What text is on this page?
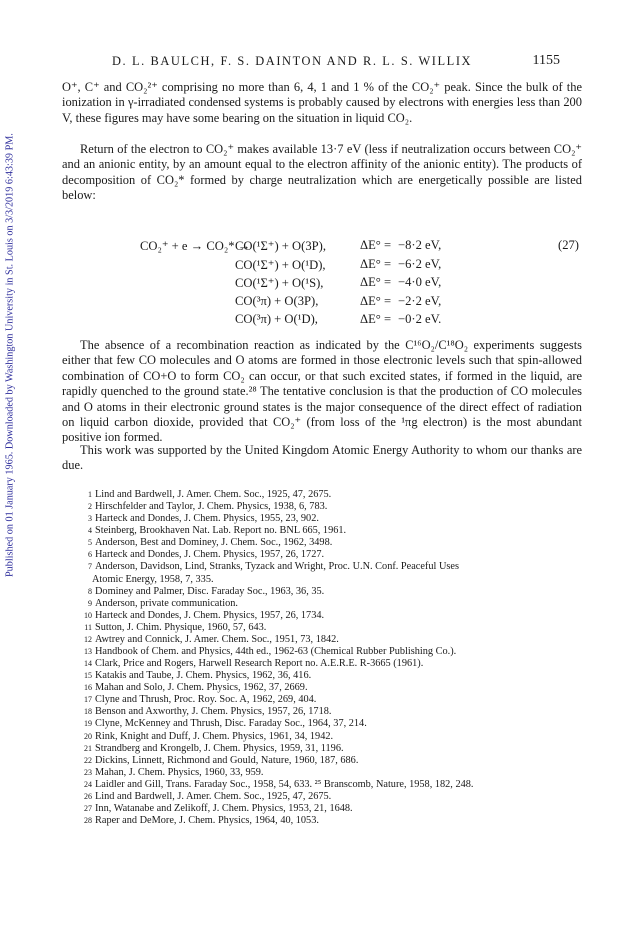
Published on 01 January 1965. Downloaded by Washington University in St. Louis on 3/3/2019 6:43:39 PM.
D. L. BAULCH, F. S. DAINTON AND R. L. S. WILLIX	1155

O⁺, C⁺ and CO₂²⁺ comprising no more than 6, 4, 1 and 1 % of the CO₂⁺ peak. Since the bulk of the ionization in γ-irradiated condensed systems is probably caused by electrons with energies less than 200 V, these figures may have some bearing on the situation in liquid CO₂.

Return of the electron to CO₂⁺ makes available 13·7 eV (less if neutralization occurs between CO₂⁺ and an anionic entity, by an amount equal to the electron affinity of the anionic entity). The products of decomposition of CO₂* formed by charge neutralization which are energetically possible are listed below:

CO₂⁺ + e → CO₂* →
CO(¹Σ⁺) + O(3P),	ΔE° = −8·2 eV,	(27)
CO(¹Σ⁺) + O(¹D),	ΔE° = −6·2 eV,
CO(¹Σ⁺) + O(¹S),	ΔE° = −4·0 eV,
CO(³π) + O(3P),	ΔE° = −2·2 eV,
CO(³π) + O(¹D),	ΔE° = −0·2 eV.

The absence of a recombination reaction as indicated by the C¹⁶O₂/C¹⁸O₂ experiments suggests either that few CO molecules and O atoms are formed in those electronic levels such that spin-allowed combination of CO+O to form CO₂ can occur, or that such excited states, if formed in the liquid, are rapidly quenched to the ground state.²⁸ The tentative conclusion is that the production of CO molecules and O atoms in their electronic ground states is the major consequence of the direct effect of radiation on liquid carbon dioxide, provided that CO₂⁺ (from loss of the ¹πg electron) is the most abundant positive ion formed.

This work was supported by the United Kingdom Atomic Energy Authority to whom our thanks are due.

1 Lind and Bardwell, J. Amer. Chem. Soc., 1925, 47, 2675.
2 Hirschfelder and Taylor, J. Chem. Physics, 1938, 6, 783.
3 Harteck and Dondes, J. Chem. Physics, 1955, 23, 902.
4 Steinberg, Brookhaven Nat. Lab. Report no. BNL 665, 1961.
5 Anderson, Best and Dominey, J. Chem. Soc., 1962, 3498.
6 Harteck and Dondes, J. Chem. Physics, 1957, 26, 1727.
7 Anderson, Davidson, Lind, Stranks, Tyzack and Wright, Proc. U.N. Conf. Peaceful Uses
Atomic Energy, 1958, 7, 335.
8 Dominey and Palmer, Disc. Faraday Soc., 1963, 36, 35.
9 Anderson, private communication.
10 Harteck and Dondes, J. Chem. Physics, 1957, 26, 1734.
11 Sutton, J. Chim. Physique, 1960, 57, 643.
12 Awtrey and Connick, J. Amer. Chem. Soc., 1951, 73, 1842.
13 Handbook of Chem. and Physics, 44th ed., 1962-63 (Chemical Rubber Publishing Co.).
14 Clark, Price and Rogers, Harwell Research Report no. A.E.R.E. R-3665 (1961).
15 Katakis and Taube, J. Chem. Physics, 1962, 36, 416.
16 Mahan and Solo, J. Chem. Physics, 1962, 37, 2669.
17 Clyne and Thrush, Proc. Roy. Soc. A, 1962, 269, 404.
18 Benson and Axworthy, J. Chem. Physics, 1957, 26, 1718.
19 Clyne, McKenney and Thrush, Disc. Faraday Soc., 1964, 37, 214.
20 Rink, Knight and Duff, J. Chem. Physics, 1961, 34, 1942.
21 Strandberg and Krongelb, J. Chem. Physics, 1959, 31, 1196.
22 Dickins, Linnett, Richmond and Gould, Nature, 1960, 187, 686.
23 Mahan, J. Chem. Physics, 1960, 33, 959.
24 Laidler and Gill, Trans. Faraday Soc., 1958, 54, 633. ²⁵ Branscomb, Nature, 1958, 182, 248.
26 Lind and Bardwell, J. Amer. Chem. Soc., 1925, 47, 2675.
27 Inn, Watanabe and Zelikoff, J. Chem. Physics, 1953, 21, 1648.
28 Raper and DeMore, J. Chem. Physics, 1964, 40, 1053.
